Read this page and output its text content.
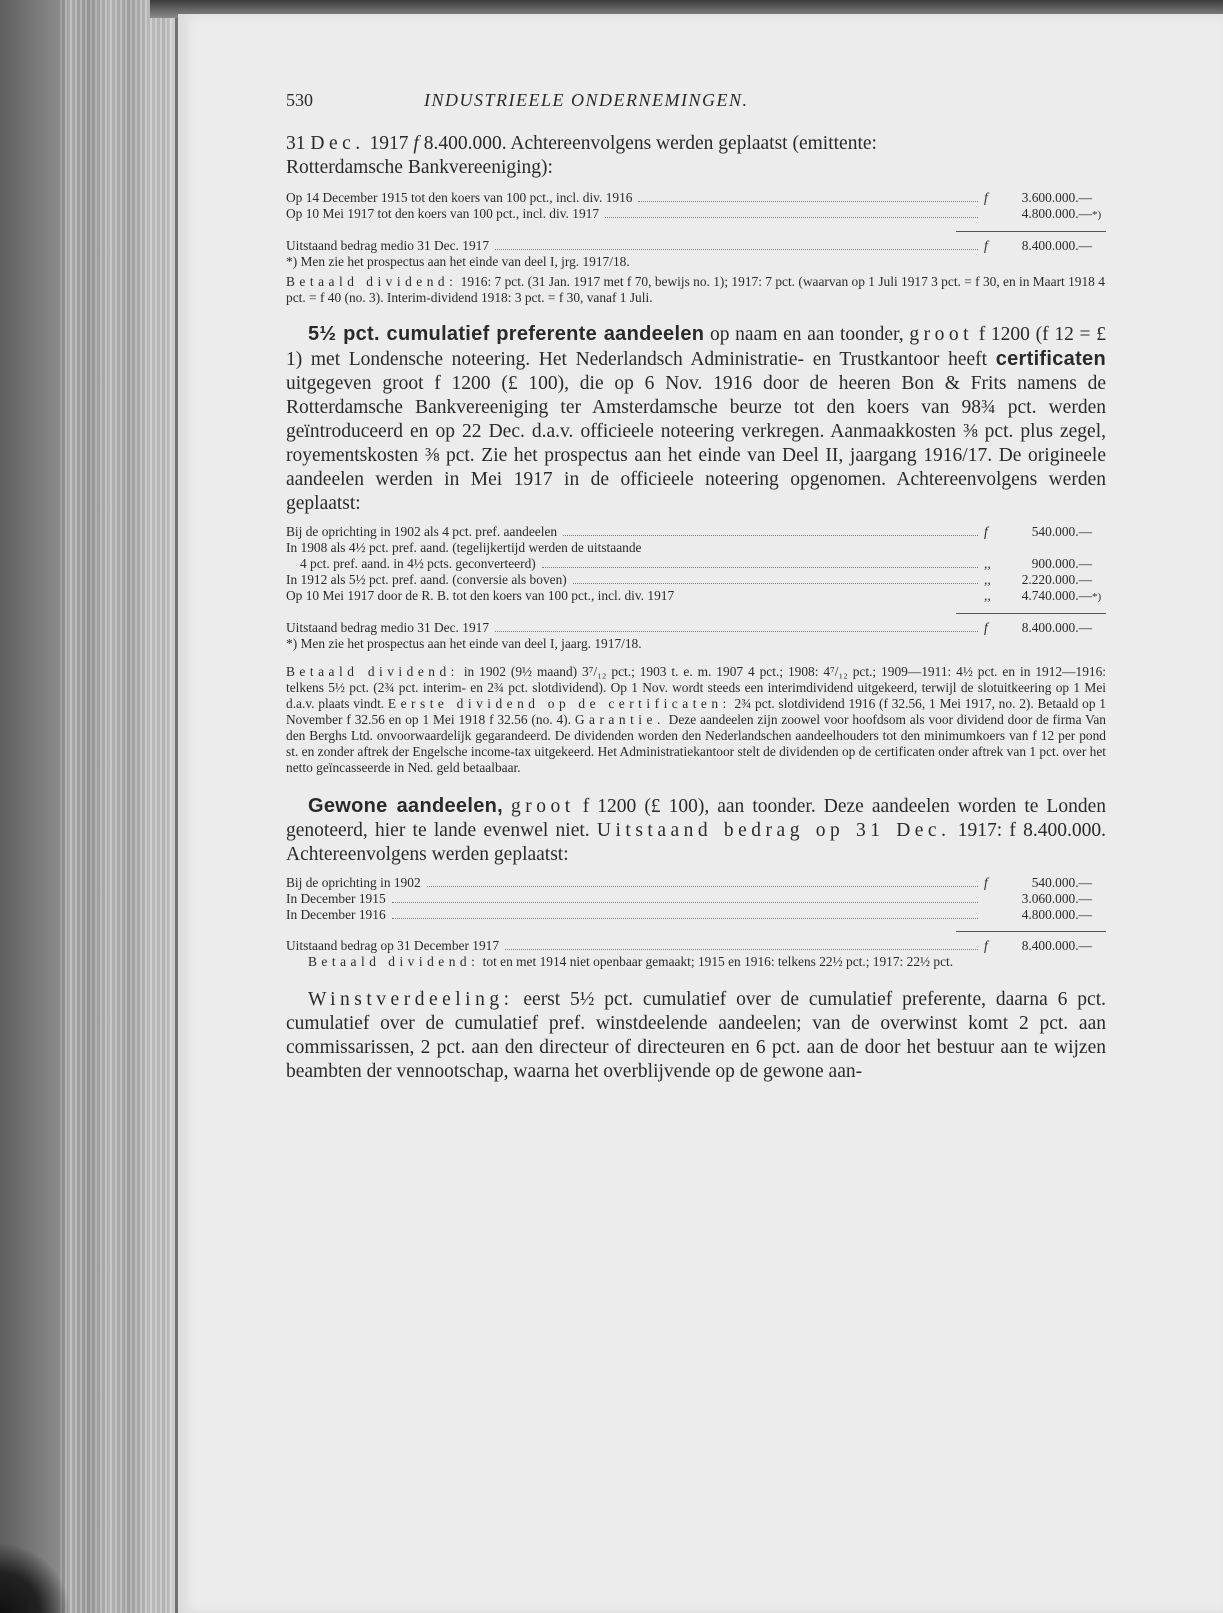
530	INDUSTRIEELE ONDERNEMINGEN.

31 Dec. 1917 f 8.400.000. Achtereenvolgens werden geplaatst (emittente:
Rotterdamsche Bankvereeniging):

Op 14 December 1915 tot den koers van 100 pct., incl. div. 1916	f	3.600.000.—
Op 10 Mei 1917 tot den koers van 100 pct., incl. div. 1917	4.800.000.— *)
Uitstaand bedrag medio 31 Dec. 1917	f	8.400.000.—

*) Men zie het prospectus aan het einde van deel I, jrg. 1917/18.

Betaald dividend: 1916: 7 pct. (31 Jan. 1917 met f 70, bewijs no. 1); 1917: 7 pct. (waarvan op 1 Juli 1917 3 pct. = f 30, en in Maart 1918 4 pct. = f 40 (no. 3). Interim-dividend 1918: 3 pct. = f 30, vanaf 1 Juli.

5½ pct. cumulatief preferente aandeelen op naam en aan toonder, groot f 1200 (f 12 = £ 1) met Londensche noteering. Het Nederlandsch Administratie- en Trustkantoor heeft certificaten uitgegeven groot f 1200 (£ 100), die op 6 Nov. 1916 door de heeren Bon & Frits namens de Rotterdamsche Bankvereeniging ter Amsterdamsche beurze tot den koers van 98¾ pct. werden geïntroduceerd en op 22 Dec. d.a.v. officieele noteering verkregen. Aanmaakkosten ⅜ pct. plus zegel, royementskosten ⅜ pct. Zie het prospectus aan het einde van Deel II, jaargang 1916/17. De origineele aandeelen werden in Mei 1917 in de officieele noteering opgenomen. Achtereenvolgens werden geplaatst:

Bij de oprichting in 1902 als 4 pct. pref. aandeelen	f	540.000.—
In 1908 als 4½ pct. pref. aand. (tegelijkertijd werden de uitstaande
4 pct. pref. aand. in 4½ pcts. geconverteerd)	,,	900.000.—
In 1912 als 5½ pct. pref. aand. (conversie als boven)	,,	2.220.000.—
Op 10 Mei 1917 door de R. B. tot den koers van 100 pct., incl. div. 1917	,,	4.740.000.— *)
Uitstaand bedrag medio 31 Dec. 1917	f	8.400.000.—

*) Men zie het prospectus aan het einde van deel I, jaarg. 1917/18.

Betaald dividend: in 1902 (9½ maand) 3⁷/₁₂ pct.; 1903 t. e. m. 1907 4 pct.; 1908: 4⁷/₁₂ pct.; 1909—1911: 4½ pct. en in 1912—1916: telkens 5½ pct. (2¾ pct. interim- en 2¾ pct. slotdividend). Op 1 Nov. wordt steeds een interimdividend uitgekeerd, terwijl de slotuitkeering op 1 Mei d.a.v. plaats vindt. Eerste dividend op de certificaten: 2¾ pct. slotdividend 1916 (f 32.56, 1 Mei 1917, no. 2). Betaald op 1 November f 32.56 en op 1 Mei 1918 f 32.56 (no. 4). Garantie. Deze aandeelen zijn zoowel voor hoofdsom als voor dividend door de firma Van den Berghs Ltd. onvoorwaardelijk gegarandeerd. De dividenden worden den Nederlandschen aandeelhouders tot den minimumkoers van f 12 per pond st. en zonder aftrek der Engelsche income-tax uitgekeerd. Het Administratiekantoor stelt de dividenden op de certificaten onder aftrek van 1 pct. over het netto geïncasseerde in Ned. geld betaalbaar.

Gewone aandeelen, groot f 1200 (£ 100), aan toonder. Deze aandeelen worden te Londen genoteerd, hier te lande evenwel niet. Uitstaand bedrag op 31 Dec. 1917: f 8.400.000. Achtereenvolgens werden geplaatst:

Bij de oprichting in 1902	f	540.000.—
In December 1915	3.060.000.—
In December 1916	4.800.000.—
Uitstaand bedrag op 31 December 1917	f	8.400.000.—

Betaald dividend: tot en met 1914 niet openbaar gemaakt; 1915 en 1916: telkens 22½ pct.; 1917: 22½ pct.

Winstverdeeling: eerst 5½ pct. cumulatief over de cumulatief preferente, daarna 6 pct. cumulatief over de cumulatief pref. winstdeelende aandeelen; van de overwinst komt 2 pct. aan commissarissen, 2 pct. aan den directeur of directeuren en 6 pct. aan de door het bestuur aan te wijzen beambten der vennootschap, waarna het overblijvende op de gewone aan-
